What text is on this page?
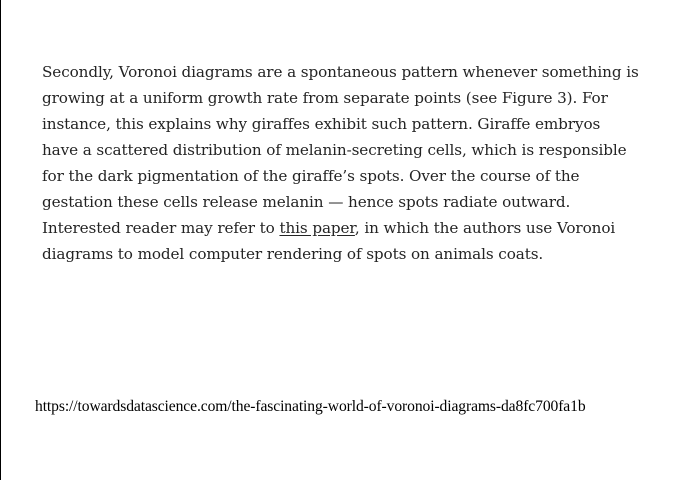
Secondly, Voronoi diagrams are a spontaneous pattern whenever something is
growing at a uniform growth rate from separate points (see Figure 3). For
instance, this explains why giraffes exhibit such pattern. Giraffe embryos
have a scattered distribution of melanin-secreting cells, which is responsible
for the dark pigmentation of the giraffe’s spots. Over the course of the
gestation these cells release melanin — hence spots radiate outward.
Interested reader may refer to this paper, in which the authors use Voronoi
diagrams to model computer rendering of spots on animals coats.

https://towardsdatascience.com/the-fascinating-world-of-voronoi-diagrams-da8fc700fa1b
